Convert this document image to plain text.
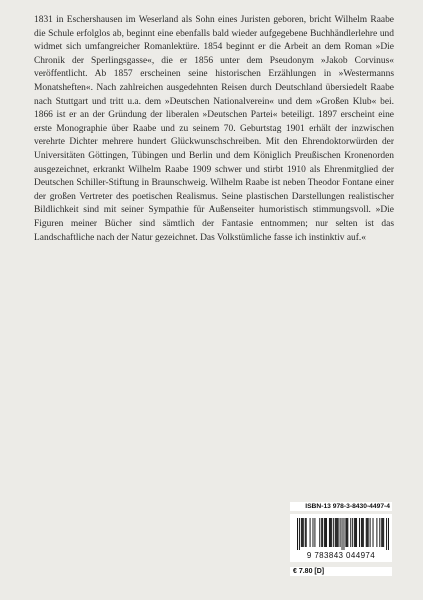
1831 in Eschershausen im Weserland als Sohn eines Juristen geboren, bricht Wilhelm Raabe die Schule erfolglos ab, beginnt eine ebenfalls bald wieder aufgegebene Buchhändlerlehre und widmet sich umfangreicher Romanlektüre. 1854 beginnt er die Arbeit an dem Roman »Die Chronik der Sperlingsgasse«, die er 1856 unter dem Pseudonym »Jakob Corvinus« veröffentlicht. Ab 1857 erscheinen seine historischen Erzählungen in »Westermanns Monatsheften«. Nach zahlreichen ausgedehnten Reisen durch Deutschland übersiedelt Raabe nach Stuttgart und tritt u.a. dem »Deutschen Nationalverein« und dem »Großen Klub« bei. 1866 ist er an der Gründung der liberalen »Deutschen Partei« beteiligt. 1897 erscheint eine erste Monographie über Raabe und zu seinem 70. Geburtstag 1901 erhält der inzwischen verehrte Dichter mehrere hundert Glückwunschschreiben. Mit den Ehrendoktorwürden der Universitäten Göttingen, Tübingen und Berlin und dem Königlich Preußischen Kronenorden ausgezeichnet, erkrankt Wilhelm Raabe 1909 schwer und stirbt 1910 als Ehrenmitglied der Deutschen Schiller-Stiftung in Braunschweig. Wilhelm Raabe ist neben Theodor Fontane einer der großen Vertreter des poetischen Realismus. Seine plastischen Darstellungen realistischer Bildlichkeit sind mit seiner Sympathie für Außenseiter humoristisch stimmungsvoll. »Die Figuren meiner Bücher sind sämtlich der Fantasie entnommen; nur selten ist das Landschaftliche nach der Natur gezeichnet. Das Volkstümliche fasse ich instinktiv auf.«

ISBN-13 978-3-8430-4497-4
9 783843 044974
€ 7.80 [D]
